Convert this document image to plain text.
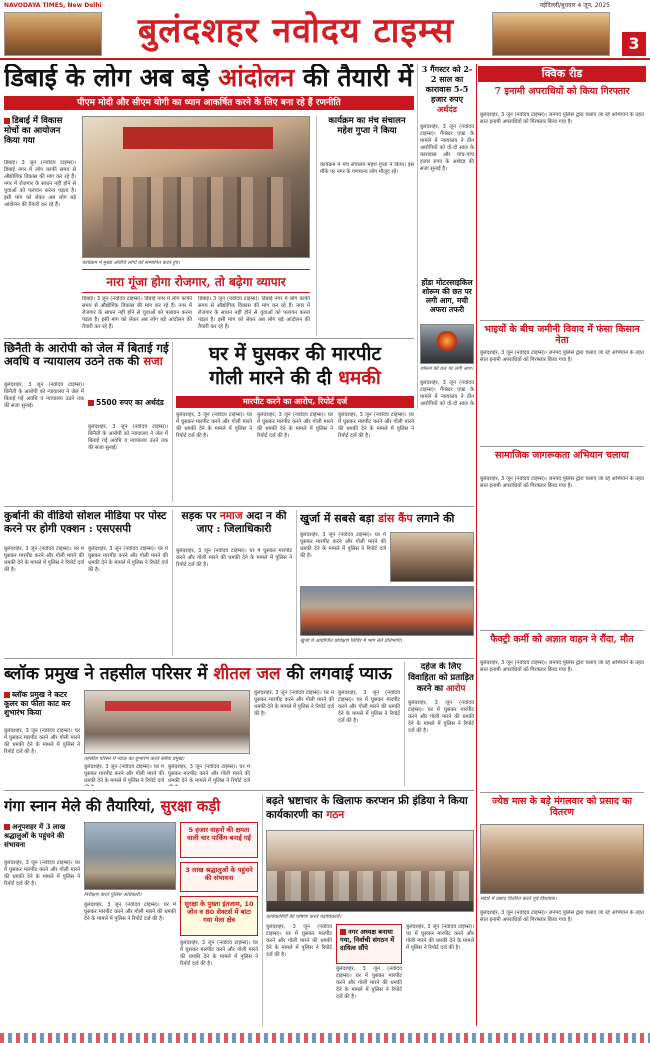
NAVODAYA TIMES, New Delhi
बुलंदशहर नवोदय टाइम्स
नईदिल्ली/बुधवार 4 जून, 2025
3
डिबाई के लोग अब बड़े आंदोलन की तैयारी में
पीएम मोदी और सीएम योगी का ध्यान आकर्षित करने के लिए बना रहे हैं रणनीति
डिबाई में विकास मोर्चो का आयोजन किया गया
डिबाई। 3 जून (नवोदय टाइम्स)। डिबाई नगर में लोग काफी समय से औद्योगिक विकास की मांग कर रहे हैं। नगर में रोजगार के साधन नहीं होने से युवाओं को पलायन करना पड़ता है। इसी मांग को लेकर अब लोग बड़े आंदोलन की तैयारी कर रहे हैं।
कार्यक्रम में मुख्य अतिथि लोगों को सम्मानित करते हुए।
नारा गूंजा होगा रोजगार, तो बढ़ेगा व्यापार
डिबाई। 3 जून (नवोदय टाइम्स)। डिबाई नगर में लोग काफी समय से औद्योगिक विकास की मांग कर रहे हैं। नगर में रोजगार के साधन नहीं होने से युवाओं को पलायन करना पड़ता है। इसी मांग को लेकर अब लोग बड़े आंदोलन की तैयारी कर रहे हैं।
डिबाई। 3 जून (नवोदय टाइम्स)। डिबाई नगर में लोग काफी समय से औद्योगिक विकास की मांग कर रहे हैं। नगर में रोजगार के साधन नहीं होने से युवाओं को पलायन करना पड़ता है। इसी मांग को लेकर अब लोग बड़े आंदोलन की तैयारी कर रहे हैं।
कार्यक्रम का मंच संचालन महेश गुप्ता ने किया
कार्यक्रम में मंच संचालन महेश गुप्ता ने किया। इस मौके पर नगर के गणमान्य लोग मौजूद रहे।
3 गैंगस्टर को 2-2 साल का कारावास 5-5 हजार रुपए अर्थदंड
बुलंदशहर, 3 जून (नवोदय टाइम्स)। गैंगस्टर एक्ट के मामले में न्यायालय ने तीन आरोपियों को दो-दो साल के कारावास और पांच-पांच हजार रुपए के अर्थदंड की सजा सुनाई है।
होंडा मोटरसाइकिल शोरूम की छत पर लगी आग, मची अफरा तफरी
शोरूम की छत पर लगी आग।
बुलंदशहर, 3 जून (नवोदय टाइम्स)। गैंगस्टर एक्ट के मामले में न्यायालय ने तीन आरोपियों को दो-दो साल के
छिनैती के आरोपी को जेल में बिताई गई अवधि व न्यायालय उठने तक की सजा
बुलंदशहर, 3 जून (नवोदय टाइम्स)। छिनैती के आरोपी को न्यायालय ने जेल में बिताई गई अवधि व न्यायालय उठने तक की सजा सुनाई।	5500 रुपए का अर्थदंड
बुलंदशहर, 3 जून (नवोदय टाइम्स)। छिनैती के आरोपी को न्यायालय ने जेल में बिताई गई अवधि व न्यायालय उठने तक की सजा सुनाई।
घर में घुसकर की मारपीट
गोली मारने की दी धमकी
मारपीट करने का आरोप, रिपोर्ट दर्ज
बुलंदशहर, 3 जून (नवोदय टाइम्स)। घर में घुसकर मारपीट करने और गोली मारने की धमकी देने के मामले में पुलिस ने रिपोर्ट दर्ज की है।
बुलंदशहर, 3 जून (नवोदय टाइम्स)। घर में घुसकर मारपीट करने और गोली मारने की धमकी देने के मामले में पुलिस ने रिपोर्ट दर्ज की है।
बुलंदशहर, 3 जून (नवोदय टाइम्स)। घर में घुसकर मारपीट करने और गोली मारने की धमकी देने के मामले में पुलिस ने रिपोर्ट दर्ज की है।
कुर्बानी की वीडियो सोशल मीडिया पर पोस्ट करने पर होगी एक्शन : एसएसपी
बुलंदशहर, 3 जून (नवोदय टाइम्स)। घर में घुसकर मारपीट करने और गोली मारने की धमकी देने के मामले में पुलिस ने रिपोर्ट दर्ज की है।
बुलंदशहर, 3 जून (नवोदय टाइम्स)। घर में घुसकर मारपीट करने और गोली मारने की धमकी देने के मामले में पुलिस ने रिपोर्ट दर्ज की है।
सड़क पर नमाज अदा न की जाए : जिलाधिकारी
बुलंदशहर, 3 जून (नवोदय टाइम्स)। घर में घुसकर मारपीट करने और गोली मारने की धमकी देने के मामले में पुलिस ने रिपोर्ट दर्ज की है।
खुर्जा में सबसे बड़ा डांस कैंप लगाने की
बुलंदशहर, 3 जून (नवोदय टाइम्स)। घर में घुसकर मारपीट करने और गोली मारने की धमकी देने के मामले में पुलिस ने रिपोर्ट दर्ज की है।
खुर्जा में आयोजित प्रशिक्षण शिविर में भाग लेते प्रतिभागी।
ब्लॉक प्रमुख ने तहसील परिसर में शीतल जल की लगवाई प्याऊ
ब्लॉक प्रमुख ने कटर कूलर का फीता काट कर शुभारंभ किया
बुलंदशहर, 3 जून (नवोदय टाइम्स)। घर में घुसकर मारपीट करने और गोली मारने की धमकी देने के मामले में पुलिस ने रिपोर्ट दर्ज की है।
तहसील परिसर में प्याऊ का शुभारंभ करते ब्लॉक प्रमुख।
बुलंदशहर, 3 जून (नवोदय टाइम्स)। घर में घुसकर मारपीट करने और गोली मारने की धमकी देने के मामले में पुलिस ने रिपोर्ट दर्ज
बुलंदशहर, 3 जून (नवोदय टाइम्स)। घर में घुसकर मारपीट करने और गोली मारने की धमकी देने के मामले में पुलिस ने रिपोर्ट दर्ज
बुलंदशहर, 3 जून (नवोदय टाइम्स)। घर में घुसकर मारपीट करने और गोली मारने की धमकी देने के मामले में पुलिस ने रिपोर्ट दर्ज की है।
बुलंदशहर, 3 जून (नवोदय टाइम्स)। घर में घुसकर मारपीट करने और गोली मारने की धमकी देने के मामले में पुलिस ने रिपोर्ट दर्ज की है।
दहेज के लिए विवाहिता को प्रताड़ित करने का आरोप
बुलंदशहर, 3 जून (नवोदय टाइम्स)। घर में घुसकर मारपीट करने और गोली मारने की धमकी देने के मामले में पुलिस ने रिपोर्ट दर्ज की है।
गंगा स्नान मेले की तैयारियां, सुरक्षा कड़ी
अनूपशहर में 3 लाख श्रद्धालुओं के पहुंचने की संभावना
बुलंदशहर, 3 जून (नवोदय टाइम्स)। घर में घुसकर मारपीट करने और गोली मारने की धमकी देने के मामले में पुलिस ने रिपोर्ट दर्ज की है।
निरीक्षण करते पुलिस अधिकारी।
5 हजार वाहनों की क्षमता वाली चार पार्किंग बनाई गई
3 लाख श्रद्धालुओं के पहुंचने की संभावना
बुलंदशहर, 3 जून (नवोदय टाइम्स)। घर में घुसकर मारपीट करने और गोली मारने की धमकी देने के मामले में पुलिस ने रिपोर्ट दर्ज की है।
सुरक्षा के पुख्ता इंतजाम, 10 जोन व 80 सेक्टर्स में बांटा गया मेला क्षेत्र
बुलंदशहर, 3 जून (नवोदय टाइम्स)। घर में घुसकर मारपीट करने और गोली मारने की धमकी देने के मामले में पुलिस ने रिपोर्ट दर्ज की है।
बढ़ते भ्रष्टाचार के खिलाफ करप्शन फ्री इंडिया ने किया कार्यकारणी का गठन
कार्यकारिणी की घोषणा करते पदाधिकारी।
बुलंदशहर, 3 जून (नवोदय टाइम्स)। घर में घुसकर मारपीट करने और गोली मारने की धमकी देने के मामले में पुलिस ने रिपोर्ट दर्ज की है।
नगर अध्यक्ष बनाया गया, निर्वाची संगठन में दायित्व सौंपे
बुलंदशहर, 3 जून (नवोदय टाइम्स)। घर में घुसकर मारपीट करने और गोली मारने की धमकी देने के मामले में पुलिस ने रिपोर्ट दर्ज की है।
बुलंदशहर, 3 जून (नवोदय टाइम्स)। घर में घुसकर मारपीट करने और गोली मारने की धमकी देने के मामले में पुलिस ने रिपोर्ट दर्ज की है।
क्विक रीड
7 इनामी अपराधियों को किया गिरफ्तार
बुलंदशहर, 3 जून (नवोदय टाइम्स)। जनपद पुलिस द्वारा चलाए जा रहे अभियान के तहत सात इनामी अपराधियों को गिरफ्तार किया गया है।
भाइयों के बीच जमीनी विवाद में फंसा किसान नेता
बुलंदशहर, 3 जून (नवोदय टाइम्स)। जनपद पुलिस द्वारा चलाए जा रहे अभियान के तहत सात इनामी अपराधियों को गिरफ्तार किया गया है।
सामाजिक जागरूकता अभियान चलाया
बुलंदशहर, 3 जून (नवोदय टाइम्स)। जनपद पुलिस द्वारा चलाए जा रहे अभियान के तहत सात इनामी अपराधियों को गिरफ्तार किया गया है।
फैक्ट्री कर्मी को अज्ञात वाहन ने रौंदा, मौत
बुलंदशहर, 3 जून (नवोदय टाइम्स)। जनपद पुलिस द्वारा चलाए जा रहे अभियान के तहत सात इनामी अपराधियों को गिरफ्तार किया गया है।
ज्येष्ठ मास के बड़े मंगलवार को प्रसाद का वितरण
भंडारे में प्रसाद वितरित करते पूर्व विधायक।
बुलंदशहर, 3 जून (नवोदय टाइम्स)। जनपद पुलिस द्वारा चलाए जा रहे अभियान के तहत सात इनामी अपराधियों को गिरफ्तार किया गया है।
